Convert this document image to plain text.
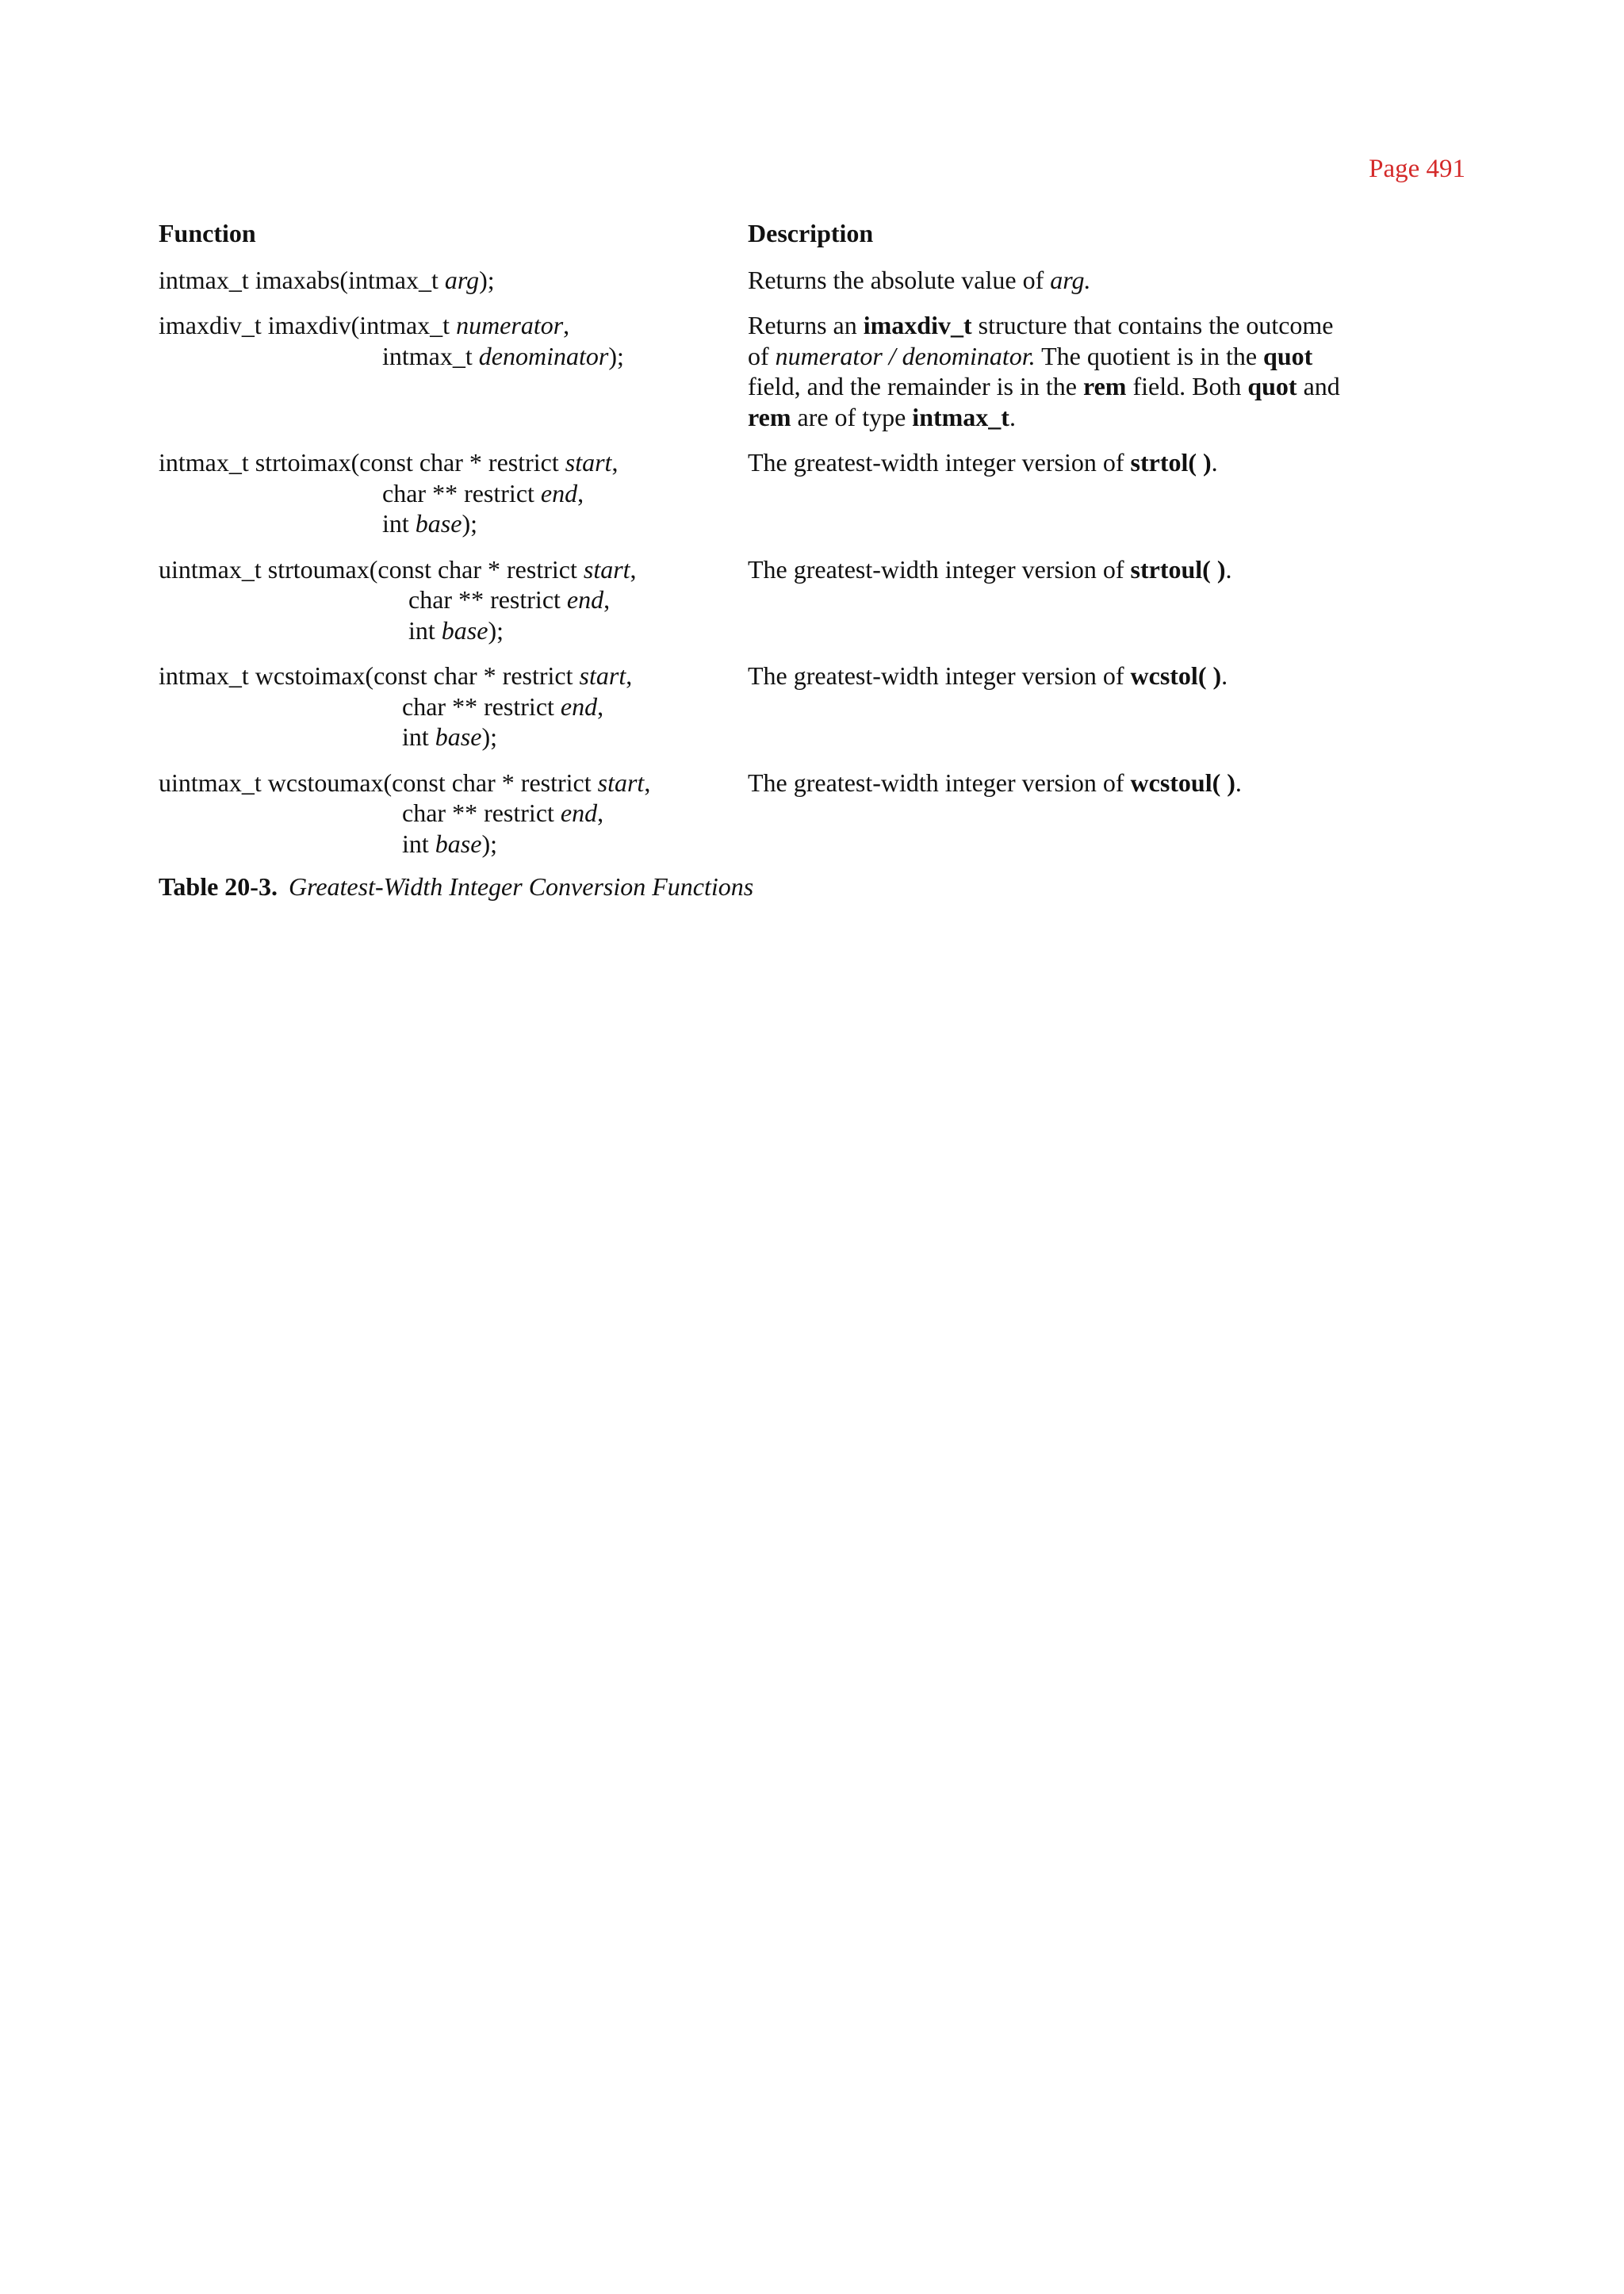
Page 491
Function	Description
intmax_t imaxabs(intmax_t arg);	Returns the absolute value of arg.
imaxdiv_t imaxdiv(intmax_t numerator,
intmax_t denominator);
Returns an imaxdiv_t structure that contains the outcome
of numerator / denominator. The quotient is in the quot
field, and the remainder is in the rem field. Both quot and
rem are of type intmax_t.
intmax_t strtoimax(const char * restrict start,
char ** restrict end,
int base);
The greatest-width integer version of strtol( ).
uintmax_t strtoumax(const char * restrict start,
char ** restrict end,
int base);
The greatest-width integer version of strtoul( ).
intmax_t wcstoimax(const char * restrict start,
char ** restrict end,
int base);
The greatest-width integer version of wcstol( ).
uintmax_t wcstoumax(const char * restrict start,
char ** restrict end,
int base);
The greatest-width integer version of wcstoul( ).
Table 20-3. Greatest-Width Integer Conversion Functions
